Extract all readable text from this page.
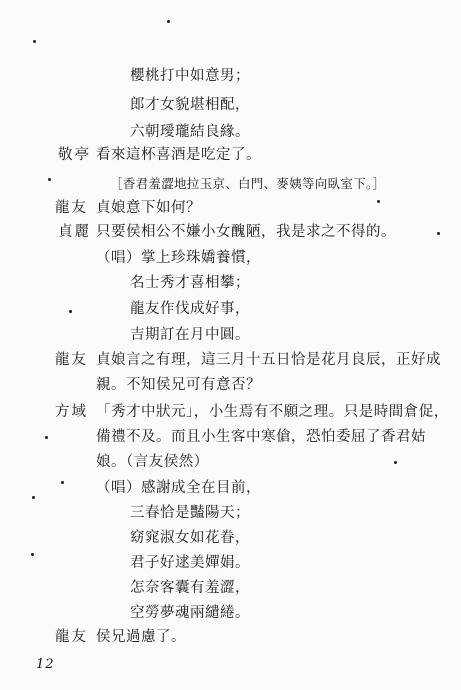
櫻桃打中如意男；
郎才女貌堪相配，
六朝璦瓏結良緣。
敬亭 看來這杯喜酒是吃定了。
［香君羞澀地拉玉京、白門、麥姨等向臥室下。］
龍友 貞娘意下如何？
貞麗 只要侯相公不嫌小女醜陋，我是求之不得的。
（唱）掌上珍珠嬌養慣，
名士秀才喜相攀；
龍友作伐成好事，
吉期訂在月中圓。
龍友 貞娘言之有理，這三月十五日恰是花月良辰，正好成
親。不知侯兄可有意否？
方域 「秀才中狀元」，小生焉有不願之理。只是時間倉促，
備禮不及。而且小生客中寒傖，恐怕委屈了香君姑
娘。（言友侯然）
（唱）感謝成全在目前，
三春恰是豔陽天；
窈窕淑女如花眷，
君子好逑美嬋娟。
怎奈客囊有羞澀，
空勞夢魂兩繾綣。
龍友 侯兄過慮了。
12
